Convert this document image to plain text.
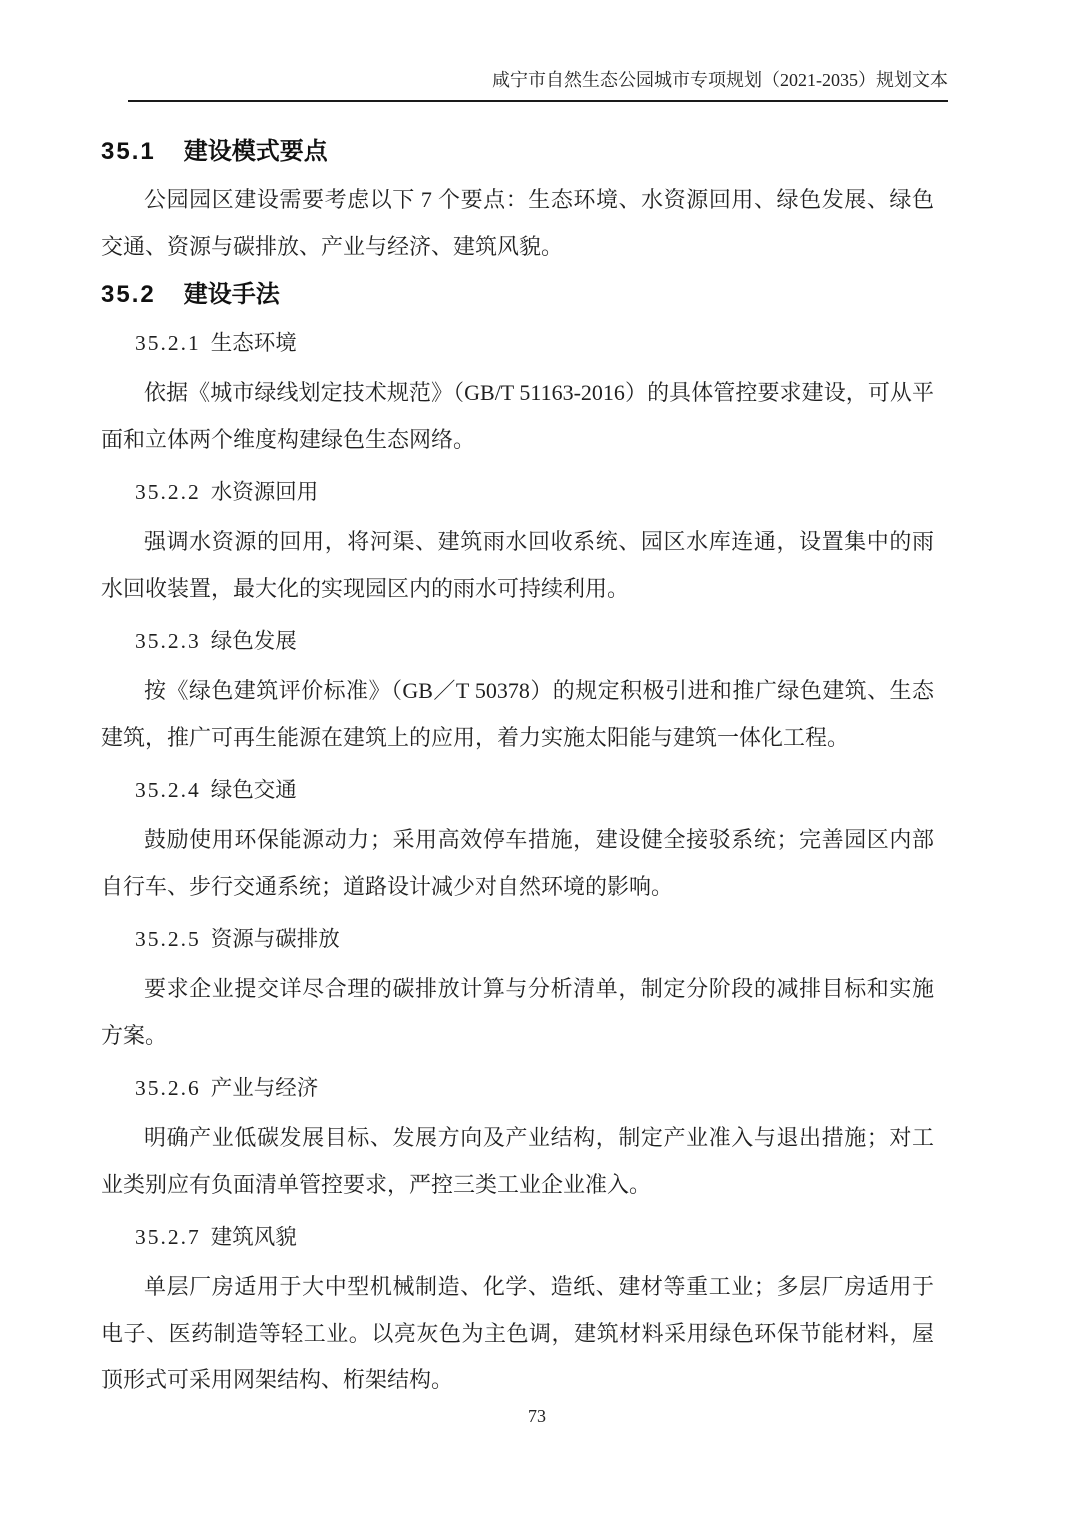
咸宁市自然生态公园城市专项规划（2021-2035）规划文本
35.1 建设模式要点

公园园区建设需要考虑以下 7 个要点：生态环境、水资源回用、绿色发展、绿色交通、资源与碳排放、产业与经济、建筑风貌。

35.2 建设手法
35.2.1 生态环境

依据《城市绿线划定技术规范》（GB/T 51163-2016）的具体管控要求建设，可从平面和立体两个维度构建绿色生态网络。

35.2.2 水资源回用

强调水资源的回用，将河渠、建筑雨水回收系统、园区水库连通，设置集中的雨水回收装置，最大化的实现园区内的雨水可持续利用。

35.2.3 绿色发展

按《绿色建筑评价标准》（GB／T 50378）的规定积极引进和推广绿色建筑、生态建筑，推广可再生能源在建筑上的应用，着力实施太阳能与建筑一体化工程。

35.2.4 绿色交通

鼓励使用环保能源动力；采用高效停车措施，建设健全接驳系统；完善园区内部自行车、步行交通系统；道路设计减少对自然环境的影响。

35.2.5 资源与碳排放

要求企业提交详尽合理的碳排放计算与分析清单，制定分阶段的减排目标和实施方案。

35.2.6 产业与经济

明确产业低碳发展目标、发展方向及产业结构，制定产业准入与退出措施；对工业类别应有负面清单管控要求，严控三类工业企业准入。

35.2.7 建筑风貌

单层厂房适用于大中型机械制造、化学、造纸、建材等重工业；多层厂房适用于电子、医药制造等轻工业。以亮灰色为主色调，建筑材料采用绿色环保节能材料，屋顶形式可采用网架结构、桁架结构。

73
